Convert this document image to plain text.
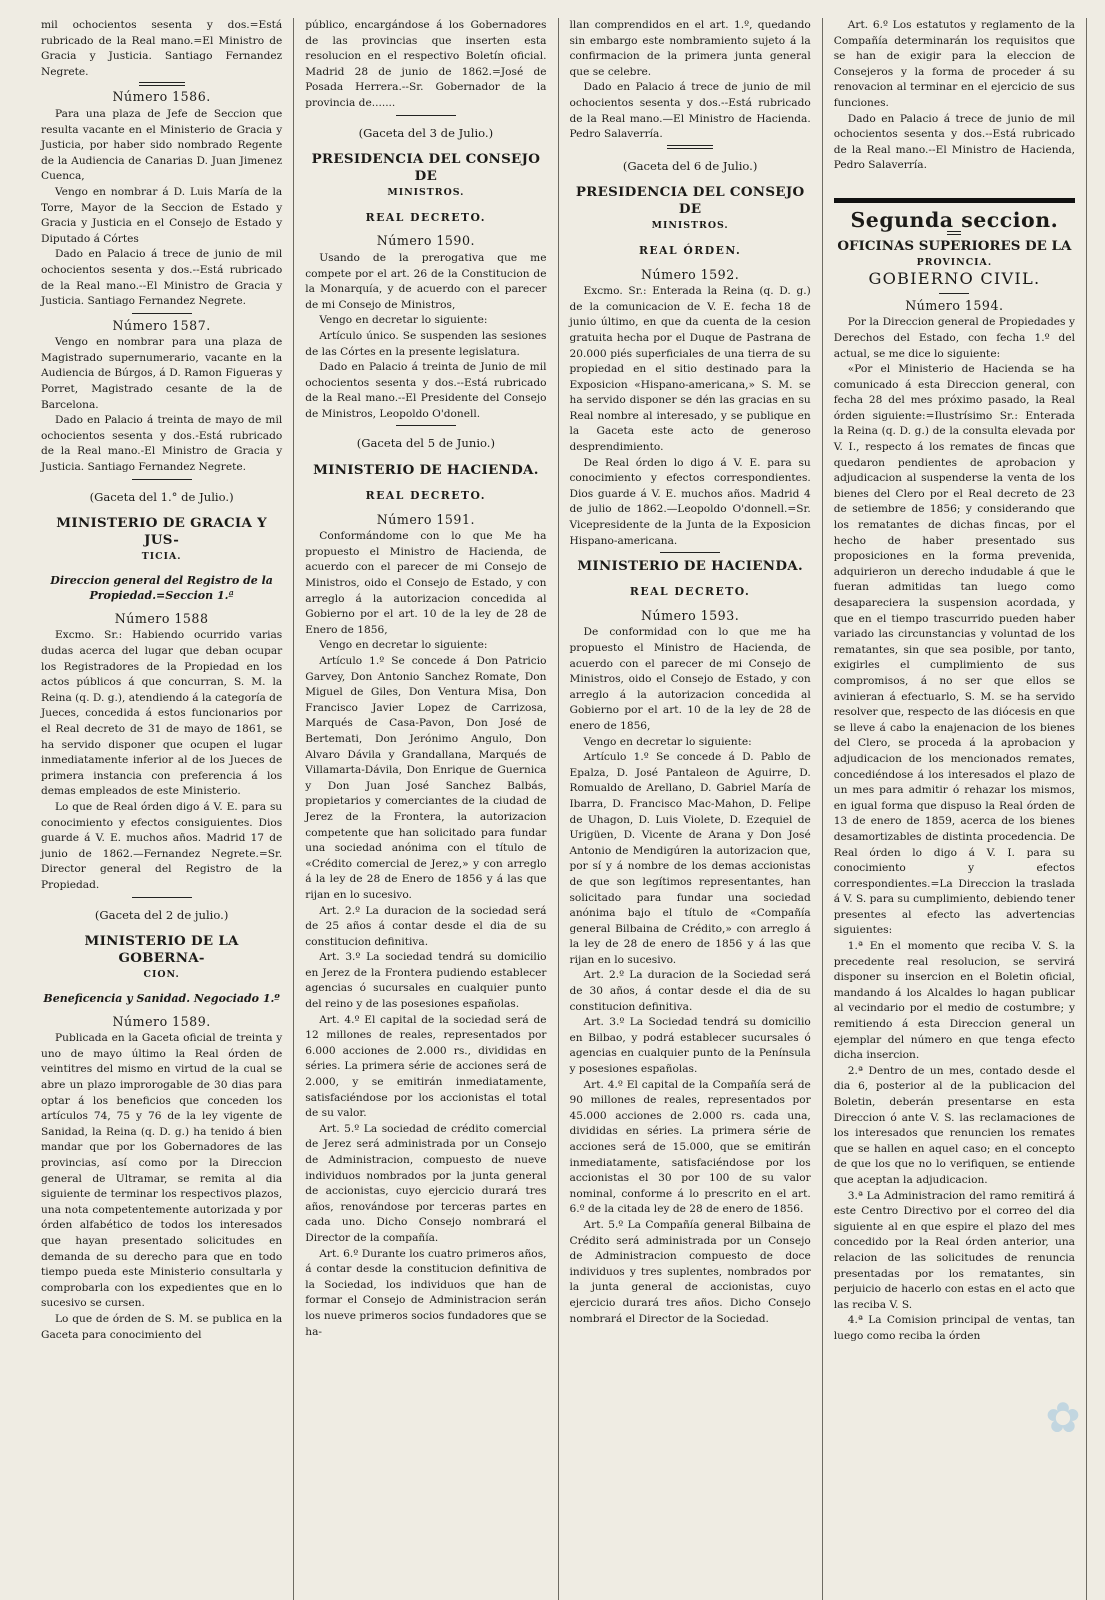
mil ochocientos sesenta y dos.=Está rubricado de la Real mano.=El Ministro de Gracia y Justicia. Santiago Fernandez Negrete.

Número 1586.

Para una plaza de Jefe de Seccion que resulta vacante en el Ministerio de Gracia y Justicia, por haber sido nombrado Regente de la Audiencia de Canarias D. Juan Jimenez Cuenca,

Vengo en nombrar á D. Luis María de la Torre, Mayor de la Seccion de Estado y Gracia y Justicia en el Consejo de Estado y Diputado á Córtes

Dado en Palacio á trece de junio de mil ochocientos sesenta y dos.--Está rubricado de la Real mano.--El Ministro de Gracia y Justicia. Santiago Fernandez Negrete.

Número 1587.

Vengo en nombrar para una plaza de Magistrado supernumerario, vacante en la Audiencia de Búrgos, á D. Ramon Figueras y Porret, Magistrado cesante de la de Barcelona.

Dado en Palacio á treinta de mayo de mil ochocientos sesenta y dos.-Está rubricado de la Real mano.-El Ministro de Gracia y Justicia. Santiago Fernandez Negrete.

(Gaceta del 1.° de Julio.)
MINISTERIO DE GRACIA Y JUS-
TICIA.
Direccion general del Registro de la Propiedad.=Seccion 1.ª
Número 1588

Excmo. Sr.: Habiendo ocurrido varias dudas acerca del lugar que deban ocupar los Registradores de la Propiedad en los actos públicos á que concurran, S. M. la Reina (q. D. g.), atendiendo á la categoría de Jueces, concedida á estos funcionarios por el Real decreto de 31 de mayo de 1861, se ha servido disponer que ocupen el lugar inmediatamente inferior al de los Jueces de primera instancia con preferencia á los demas empleados de este Ministerio.

Lo que de Real órden digo á V. E. para su conocimiento y efectos consiguientes. Dios guarde á V. E. muchos años. Madrid 17 de junio de 1862.—Fernandez Negrete.=Sr. Director general del Registro de la Propiedad.

(Gaceta del 2 de julio.)
MINISTERIO DE LA GOBERNA-
CION.
Beneficencia y Sanidad. Negociado 1.º
Número 1589.

Publicada en la Gaceta oficial de treinta y uno de mayo último la Real órden de veintitres del mismo en virtud de la cual se abre un plazo improrogable de 30 dias para optar á los beneficios que conceden los artículos 74, 75 y 76 de la ley vigente de Sanidad, la Reina (q. D. g.) ha tenido á bien mandar que por los Gobernadores de las provincias, así como por la Direccion general de Ultramar, se remita al dia siguiente de terminar los respectivos plazos, una nota competentemente autorizada y por órden alfabético de todos los interesados que hayan presentado solicitudes en demanda de su derecho para que en todo tiempo pueda este Ministerio consultarla y comprobarla con los expedientes que en lo sucesivo se cursen.

Lo que de órden de S. M. se publica en la Gaceta para conocimiento del

público, encargándose á los Gobernadores de las provincias que inserten esta resolucion en el respectivo Boletín oficial. Madrid 28 de junio de 1862.=José de Posada Herrera.--Sr. Gobernador de la provincia de.......

(Gaceta del 3 de Julio.)
PRESIDENCIA DEL CONSEJO DE
MINISTROS.
REAL DECRETO.
Número 1590.

Usando de la prerogativa que me compete por el art. 26 de la Constitucion de la Monarquía, y de acuerdo con el parecer de mi Consejo de Ministros,

Vengo en decretar lo siguiente:

Artículo único. Se suspenden las sesiones de las Córtes en la presente legislatura.

Dado en Palacio á treinta de Junio de mil ochocientos sesenta y dos.--Está rubricado de la Real mano.--El Presidente del Consejo de Ministros, Leopoldo O'donell.

(Gaceta del 5 de Junio.)
MINISTERIO DE HACIENDA.
REAL DECRETO.
Número 1591.

Conformándome con lo que Me ha propuesto el Ministro de Hacienda, de acuerdo con el parecer de mi Consejo de Ministros, oido el Consejo de Estado, y con arreglo á la autorizacion concedida al Gobierno por el art. 10 de la ley de 28 de Enero de 1856,

Vengo en decretar lo siguiente:

Artículo 1.º Se concede á Don Patricio Garvey, Don Antonio Sanchez Romate, Don Miguel de Giles, Don Ventura Misa, Don Francisco Javier Lopez de Carrizosa, Marqués de Casa-Pavon, Don José de Bertemati, Don Jerónimo Angulo, Don Alvaro Dávila y Grandallana, Marqués de Villamarta-Dávila, Don Enrique de Guernica y Don Juan José Sanchez Balbás, propietarios y comerciantes de la ciudad de Jerez de la Frontera, la autorizacion competente que han solicitado para fundar una sociedad anónima con el título de «Crédito comercial de Jerez,» y con arreglo á la ley de 28 de Enero de 1856 y á las que rijan en lo sucesivo.

Art. 2.º La duracion de la sociedad será de 25 años á contar desde el dia de su constitucion definitiva.

Art. 3.º La sociedad tendrá su domicilio en Jerez de la Frontera pudiendo establecer agencias ó sucursales en cualquier punto del reino y de las posesiones españolas.

Art. 4.º El capital de la sociedad será de 12 millones de reales, representados por 6.000 acciones de 2.000 rs., divididas en séries. La primera série de acciones será de 2.000, y se emitirán inmediatamente, satisfaciéndose por los accionistas el total de su valor.

Art. 5.º La sociedad de crédito comercial de Jerez será administrada por un Consejo de Administracion, compuesto de nueve individuos nombrados por la junta general de accionistas, cuyo ejercicio durará tres años, renovándose por terceras partes en cada uno. Dicho Consejo nombrará el Director de la compañía.

Art. 6.º Durante los cuatro primeros años, á contar desde la constitucion definitiva de la Sociedad, los individuos que han de formar el Consejo de Administracion serán los nueve primeros socios fundadores que se ha-

llan comprendidos en el art. 1.º, quedando sin embargo este nombramiento sujeto á la confirmacion de la primera junta general que se celebre.

Dado en Palacio á trece de junio de mil ochocientos sesenta y dos.--Está rubricado de la Real mano.—El Ministro de Hacienda. Pedro Salaverría.

(Gaceta del 6 de Julio.)
PRESIDENCIA DEL CONSEJO DE
MINISTROS.
REAL ÓRDEN.
Número 1592.

Excmo. Sr.: Enterada la Reina (q. D. g.) de la comunicacion de V. E. fecha 18 de junio último, en que da cuenta de la cesion gratuita hecha por el Duque de Pastrana de 20.000 piés superficiales de una tierra de su propiedad en el sitio destinado para la Exposicion «Hispano-americana,» S. M. se ha servido disponer se dén las gracias en su Real nombre al interesado, y se publique en la Gaceta este acto de generoso desprendimiento.

De Real órden lo digo á V. E. para su conocimiento y efectos correspondientes. Dios guarde á V. E. muchos años. Madrid 4 de julio de 1862.—Leopoldo O'donnell.=Sr. Vicepresidente de la Junta de la Exposicion Hispano-americana.

MINISTERIO DE HACIENDA.
REAL DECRETO.
Número 1593.

De conformidad con lo que me ha propuesto el Ministro de Hacienda, de acuerdo con el parecer de mi Consejo de Ministros, oido el Consejo de Estado, y con arreglo á la autorizacion concedida al Gobierno por el art. 10 de la ley de 28 de enero de 1856,

Vengo en decretar lo siguiente:

Artículo 1.º Se concede á D. Pablo de Epalza, D. José Pantaleon de Aguirre, D. Romualdo de Arellano, D. Gabriel María de Ibarra, D. Francisco Mac-Mahon, D. Felipe de Uhagon, D. Luis Violete, D. Ezequiel de Urigüen, D. Vicente de Arana y Don José Antonio de Mendigúren la autorizacion que, por sí y á nombre de los demas accionistas de que son legítimos representantes, han solicitado para fundar una sociedad anónima bajo el título de «Compañía general Bilbaina de Crédito,» con arreglo á la ley de 28 de enero de 1856 y á las que rijan en lo sucesivo.

Art. 2.º La duracion de la Sociedad será de 30 años, á contar desde el dia de su constitucion definitiva.

Art. 3.º La Sociedad tendrá su domicilio en Bilbao, y podrá establecer sucursales ó agencias en cualquier punto de la Península y posesiones españolas.

Art. 4.º El capital de la Compañía será de 90 millones de reales, representados por 45.000 acciones de 2.000 rs. cada una, divididas en séries. La primera série de acciones será de 15.000, que se emitirán inmediatamente, satisfaciéndose por los accionistas el 30 por 100 de su valor nominal, conforme á lo prescrito en el art. 6.º de la citada ley de 28 de enero de 1856.

Art. 5.º La Compañía general Bilbaina de Crédito será administrada por un Consejo de Administracion compuesto de doce individuos y tres suplentes, nombrados por la junta general de accionistas, cuyo ejercicio durará tres años. Dicho Consejo nombrará el Director de la Sociedad.

Art. 6.º Los estatutos y reglamento de la Compañía determinarán los requisitos que se han de exigir para la eleccion de Consejeros y la forma de proceder á su renovacion al terminar en el ejercicio de sus funciones.

Dado en Palacio á trece de junio de mil ochocientos sesenta y dos.--Está rubricado de la Real mano.--El Ministro de Hacienda, Pedro Salaverría.

Segunda seccion.
OFICINAS SUPERIORES DE LA
PROVINCIA.
GOBIERNO CIVIL.
Número 1594.

Por la Direccion general de Propiedades y Derechos del Estado, con fecha 1.º del actual, se me dice lo siguiente:

«Por el Ministerio de Hacienda se ha comunicado á esta Direccion general, con fecha 28 del mes próximo pasado, la Real órden siguiente:=Ilustrísimo Sr.: Enterada la Reina (q. D. g.) de la consulta elevada por V. I., respecto á los remates de fincas que quedaron pendientes de aprobacion y adjudicacion al suspenderse la venta de los bienes del Clero por el Real decreto de 23 de setiembre de 1856; y considerando que los rematantes de dichas fincas, por el hecho de haber presentado sus proposiciones en la forma prevenida, adquirieron un derecho indudable á que le fueran admitidas tan luego como desapareciera la suspension acordada, y que en el tiempo trascurrido pueden haber variado las circunstancias y voluntad de los rematantes, sin que sea posible, por tanto, exigirles el cumplimiento de sus compromisos, á no ser que ellos se avinieran á efectuarlo, S. M. se ha servido resolver que, respecto de las diócesis en que se lleve á cabo la enajenacion de los bienes del Clero, se proceda á la aprobacion y adjudicacion de los mencionados remates, concediéndose á los interesados el plazo de un mes para admitir ó rehazar los mismos, en igual forma que dispuso la Real órden de 13 de enero de 1859, acerca de los bienes desamortizables de distinta procedencia. De Real órden lo digo á V. I. para su conocimiento y efectos correspondientes.=La Direccion la traslada á V. S. para su cumplimiento, debiendo tener presentes al efecto las advertencias siguientes:

1.ª En el momento que reciba V. S. la precedente real resolucion, se servirá disponer su insercion en el Boletin oficial, mandando á los Alcaldes lo hagan publicar al vecindario por el medio de costumbre; y remitiendo á esta Direccion general un ejemplar del número en que tenga efecto dicha insercion.

2.ª Dentro de un mes, contado desde el dia 6, posterior al de la publicacion del Boletin, deberán presentarse en esta Direccion ó ante V. S. las reclamaciones de los interesados que renuncien los remates que se hallen en aquel caso; en el concepto de que los que no lo verifiquen, se entiende que aceptan la adjudicacion.

3.ª La Administracion del ramo remitirá á este Centro Directivo por el correo del dia siguiente al en que espire el plazo del mes concedido por la Real órden anterior, una relacion de las solicitudes de renuncia presentadas por los rematantes, sin perjuicio de hacerlo con estas en el acto que las reciba V. S.

4.ª La Comision principal de ventas, tan luego como reciba la órden

✿
